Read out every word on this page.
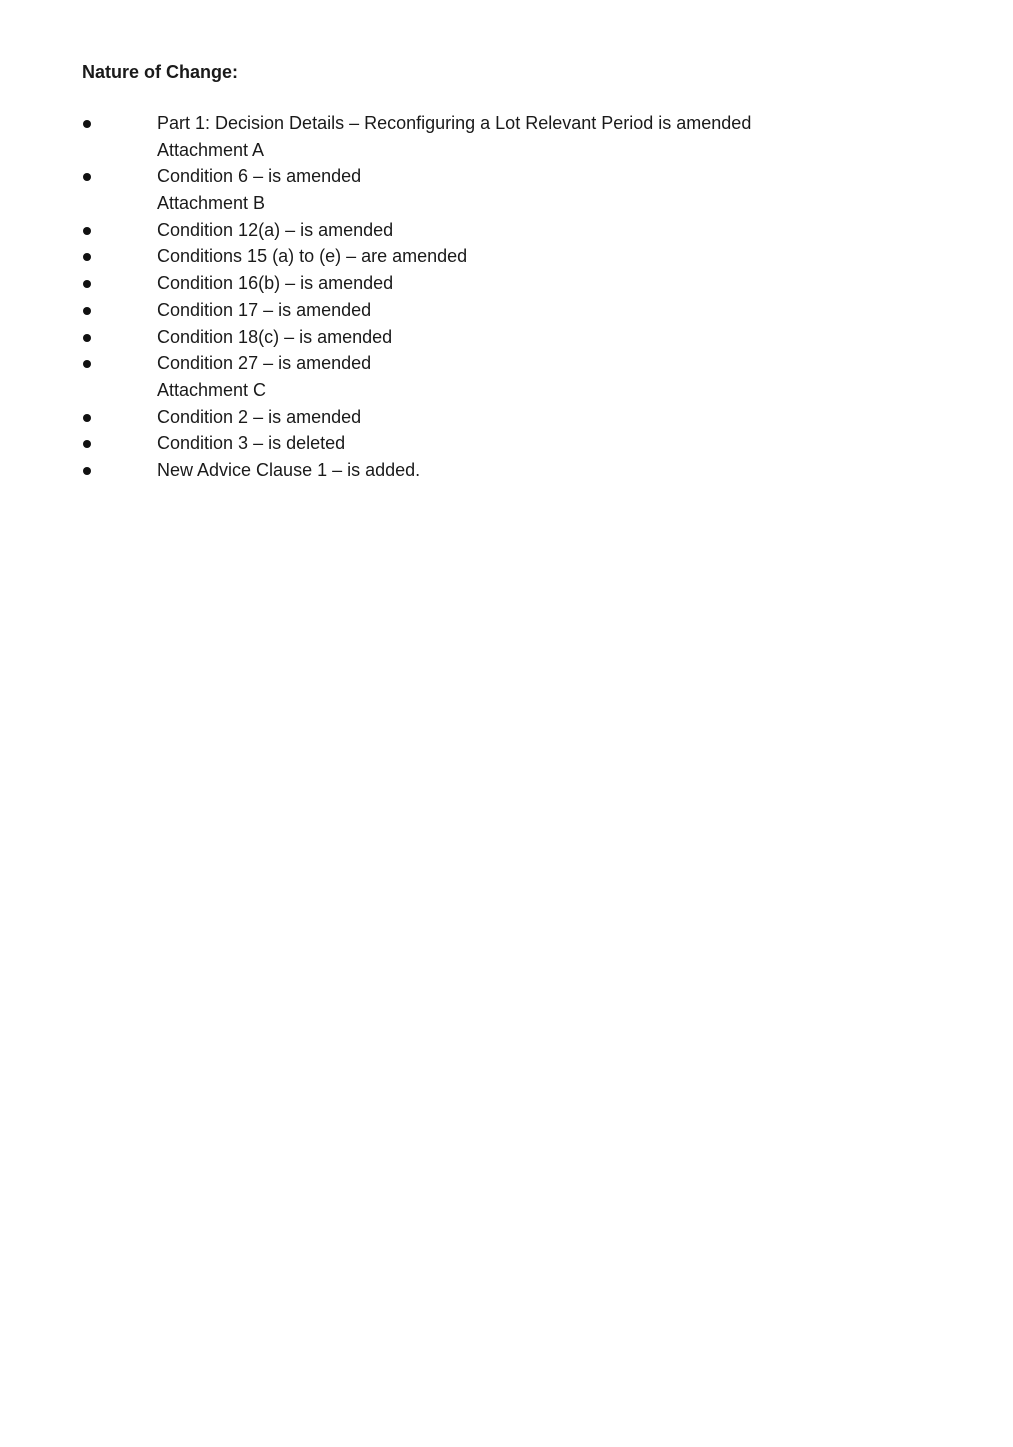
Nature of Change:
Part 1: Decision Details – Reconfiguring a Lot Relevant Period is amended
Attachment A
Condition 6 – is amended
Attachment B
Condition 12(a) – is amended
Conditions 15 (a) to (e) – are amended
Condition 16(b) – is amended
Condition 17 – is amended
Condition 18(c) – is amended
Condition 27 – is amended
Attachment C
Condition 2 – is amended
Condition 3 – is deleted
New Advice Clause 1 – is added.
